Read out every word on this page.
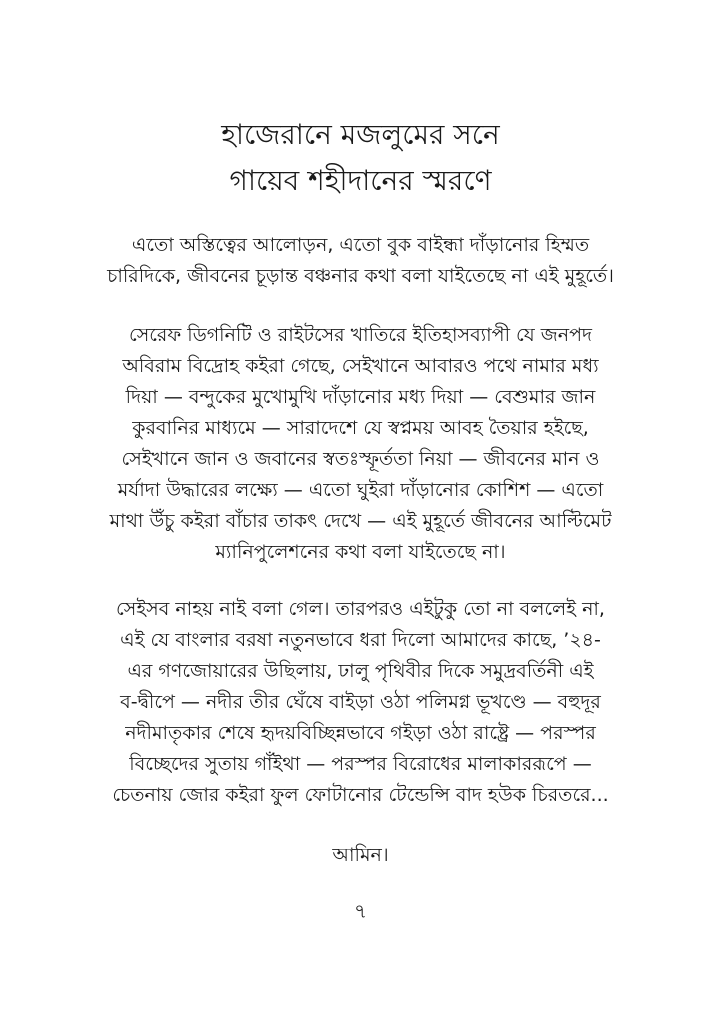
হাজেরানে মজলুমের সনে
গায়েব শহীদানের স্মরণে

এতো অস্তিত্বের আলোড়ন, এতো বুক বাইন্ধা দাঁড়ানোর হিম্মত
চারিদিকে, জীবনের চূড়ান্ত বঞ্চনার কথা বলা যাইতেছে না এই মুহূর্তে।

সেরেফ ডিগনিটি ও রাইটসের খাতিরে ইতিহাসব্যাপী যে জনপদ
অবিরাম বিদ্রোহ কইরা গেছে, সেইখানে আবারও পথে নামার মধ্য
দিয়া — বন্দুকের মুখোমুখি দাঁড়ানোর মধ্য দিয়া — বেশুমার জান
কুরবানির মাধ্যমে — সারাদেশে যে স্বপ্নময় আবহ তৈয়ার হইছে,
সেইখানে জান ও জবানের স্বতঃস্ফূর্ততা নিয়া — জীবনের মান ও
মর্যাদা উদ্ধারের লক্ষ্যে — এতো ঘুইরা দাঁড়ানোর কোশিশ — এতো
মাথা উঁচু কইরা বাঁচার তাকৎ দেখে — এই মুহূর্তে জীবনের আল্টিমেট
ম্যানিপুলেশনের কথা বলা যাইতেছে না।

সেইসব নাহয় নাই বলা গেল। তারপরও এইটুকু তো না বললেই না,
এই যে বাংলার বরষা নতুনভাবে ধরা দিলো আমাদের কাছে, ’২৪-
এর গণজোয়ারের উছিলায়, ঢালু পৃথিবীর দিকে সমুদ্রবর্তিনী এই
ব-দ্বীপে — নদীর তীর ঘেঁষে বাইড়া ওঠা পলিমগ্ন ভূখণ্ডে — বহুদূর
নদীমাতৃকার শেষে হৃদয়বিচ্ছিন্নভাবে গইড়া ওঠা রাষ্ট্রে — পরস্পর
বিচ্ছেদের সুতায় গাঁইথা — পরস্পর বিরোধের মালাকাররূপে —
চেতনায় জোর কইরা ফুল ফোটানোর টেন্ডেন্সি বাদ হউক চিরতরে...

আমিন।

৭
